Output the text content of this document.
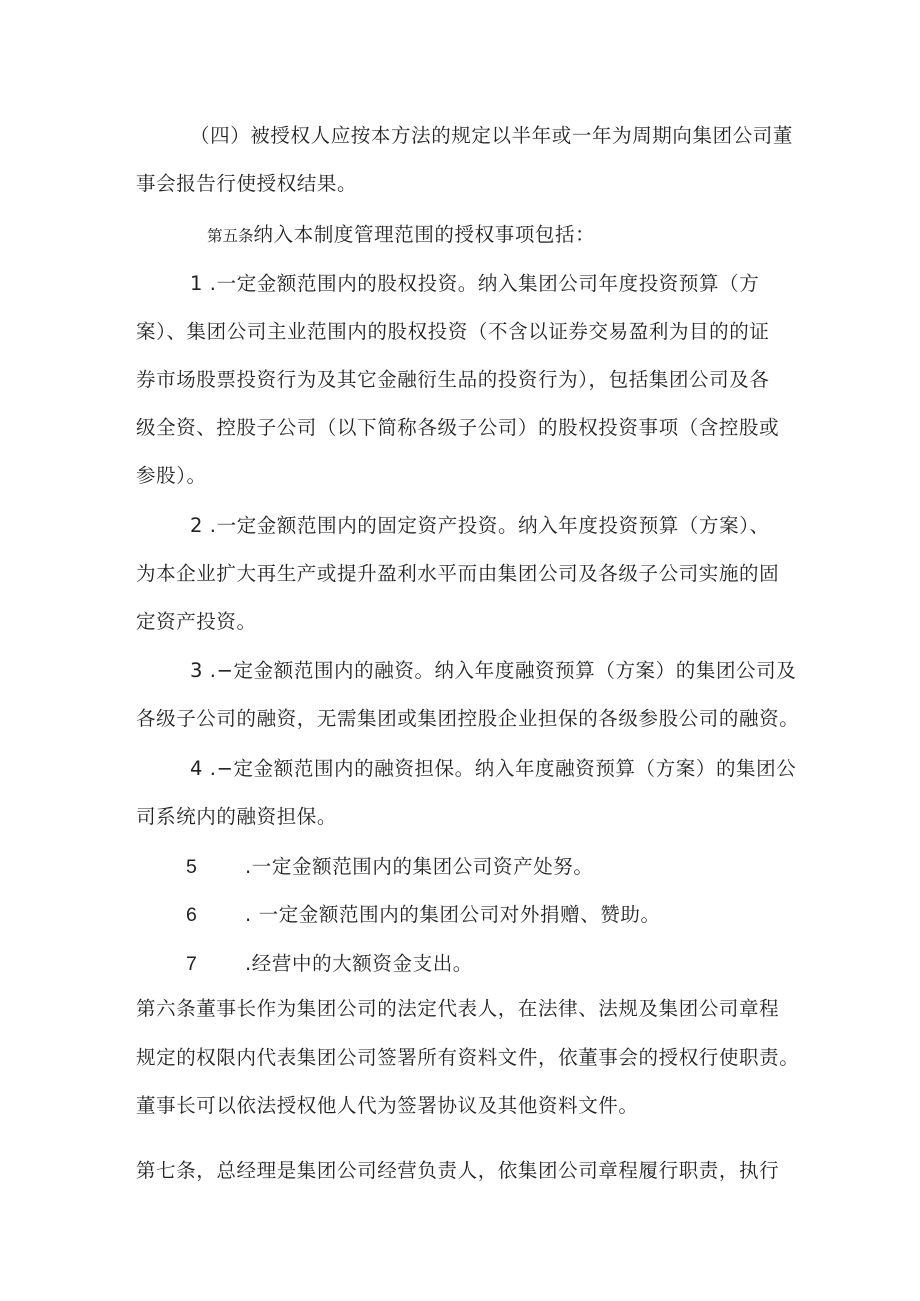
（四）被授权人应按本方法的规定以半年或一年为周期向集团公司董
事会报告行使授权结果。
第五条纳入本制度管理范围的授权事项包括：
1 .一定金额范围内的股权投资。纳入集团公司年度投资预算（方
案）、集团公司主业范围内的股权投资（不含以证券交易盈利为目的的证
券市场股票投资行为及其它金融衍生品的投资行为），包括集团公司及各
级全资、控股子公司（以下简称各级子公司）的股权投资事项（含控股或
参股）。
2 .一定金额范围内的固定资产投资。纳入年度投资预算（方案）、
为本企业扩大再生产或提升盈利水平而由集团公司及各级子公司实施的固
定资产投资。
3 .−定金额范围内的融资。纳入年度融资预算（方案）的集团公司及
各级子公司的融资，无需集团或集团控股企业担保的各级参股公司的融资。
4 .−定金额范围内的融资担保。纳入年度融资预算（方案）的集团公
司系统内的融资担保。
5 .一定金额范围内的集团公司资产处努。
6 . 一定金额范围内的集团公司对外捐赠、赞助。
7 .经营中的大额资金支出。
第六条董事长作为集团公司的法定代表人，在法律、法规及集团公司章程
规定的权限内代表集团公司签署所有资料文件，依董事会的授权行使职责。
董事长可以依法授权他人代为签署协议及其他资料文件。
第七条，总经理是集团公司经营负责人，依集团公司章程履行职责，执行
